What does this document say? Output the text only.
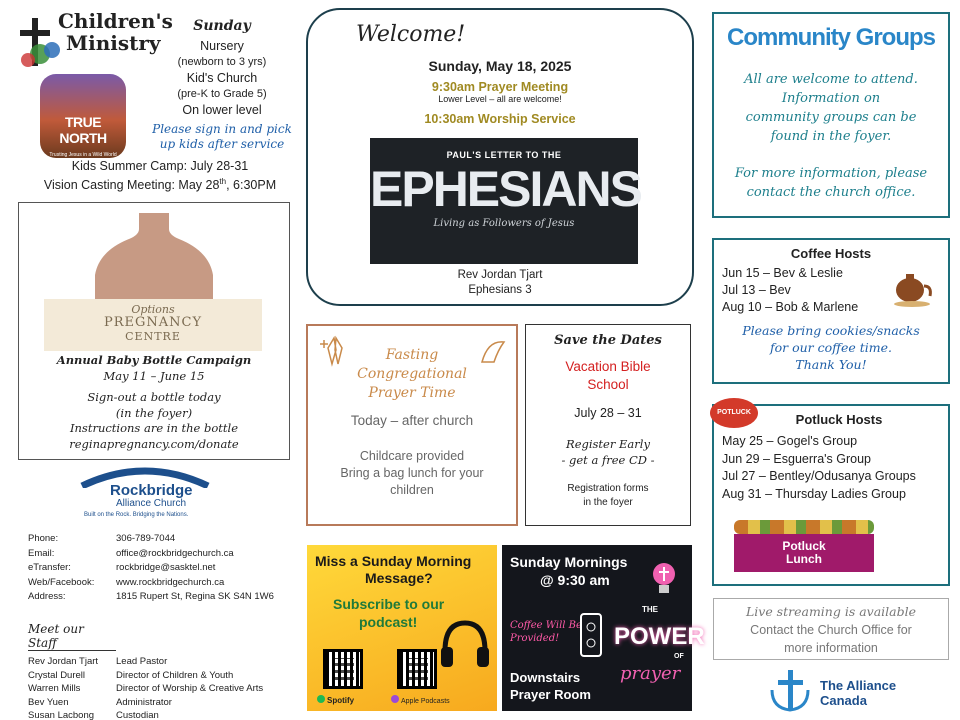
Children's
Ministry
TRUE NORTH
Trusting Jesus in a Wild World
Sunday
Nursery
(newborn to 3 yrs)
Kid's Church
(pre-K to Grade 5)
On lower level
Please sign in and pick up kids after service
Kids Summer Camp: July 28-31
Vision Casting Meeting: May 28th, 6:30PM
Options
PREGNANCY
CENTRE
Annual Baby Bottle Campaign
May 11 – June 15
Sign-out a bottle today
(in the foyer)
Instructions are in the bottle
reginapregnancy.com/donate
Rockbridge
Alliance Church
Built on the Rock. Bridging the Nations.
Phone:	306-789-7044
Email:	office@rockbridgechurch.ca
eTransfer:	rockbridge@sasktel.net
Web/Facebook:	www.rockbridgechurch.ca
Address:	1815 Rupert St, Regina SK S4N 1W6
Meet our Staff
Rev Jordan Tjart	Lead Pastor
Crystal Durell	Director of Children & Youth
Warren Mills	Director of Worship & Creative Arts
Bev Yuen	Administrator
Susan Lacbong	Custodian
Welcome!
Sunday, May 18, 2025
9:30am Prayer Meeting
Lower Level – all are welcome!
10:30am Worship Service
PAUL'S LETTER TO THE
EPHESIANS
Living as Followers of Jesus
Rev Jordan Tjart
Ephesians 3
Fasting
Congregational
Prayer Time
Today – after church
Childcare provided
Bring a bag lunch for your children
Save the Dates
Vacation Bible
School
July 28 – 31
Register Early
- get a free CD -
Registration forms
in the foyer
Miss a Sunday Morning
Message?
Subscribe to our
podcast!
Spotify	Apple Podcasts
Sunday Mornings
@ 9:30 am
Coffee Will Be
Provided!
THE
POWER
OF
prayer
Downstairs
Prayer Room
Community Groups
All are welcome to attend.
Information on
community groups can be
found in the foyer.
For more information, please
contact the church office.
Coffee Hosts
Jun 15 – Bev & Leslie
Jul 13 – Bev
Aug 10 – Bob & Marlene
Please bring cookies/snacks
for our coffee time.
Thank You!
POTLUCK	Potluck Hosts
May 25 – Gogel's Group
Jun 29 – Esguerra's Group
Jul 27 – Bentley/Odusanya Groups
Aug 31 – Thursday Ladies Group
Potluck
Lunch
Live streaming is available
Contact the Church Office for
more information
The Alliance
Canada
